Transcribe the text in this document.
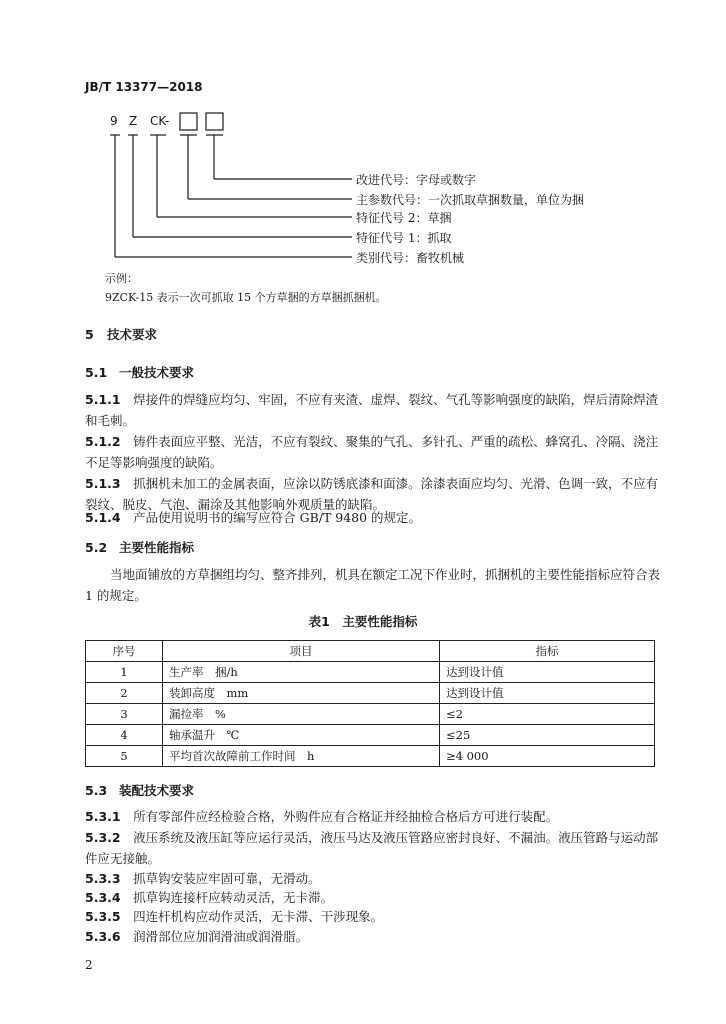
JB/T 13377—2018
9 Z CK-
改进代号：字母或数字
主参数代号：一次抓取草捆数量，单位为捆
特征代号 2：草捆
特征代号 1：抓取
类别代号：畜牧机械
示例：
9ZCK-15 表示一次可抓取 15 个方草捆的方草捆抓捆机。
5 技术要求
5.1 一般技术要求
5.1.1　 焊接件的焊缝应均匀、牢固，不应有夹渣、虚焊、裂纹、气孔等影响强度的缺陷，焊后清除焊渣和毛刺。
5.1.2　 铸件表面应平整、光洁，不应有裂纹、聚集的气孔、多针孔、严重的疏松、蜂窝孔、冷隔、浇注不足等影响强度的缺陷。
5.1.3　 抓捆机未加工的金属表面，应涂以防锈底漆和面漆。涂漆表面应均匀、光滑、色调一致，不应有裂纹、脱皮、气泡、漏涂及其他影响外观质量的缺陷。
5.1.4　 产品使用说明书的编写应符合 GB/T 9480 的规定。
5.2 主要性能指标
当地面铺放的方草捆组均匀、整齐排列，机具在额定工况下作业时，抓捆机的主要性能指标应符合表 1 的规定。
表1　主要性能指标
序号	项目	指标
1	生产率　捆/h	达到设计值
2	装卸高度　mm	达到设计值
3	漏捡率　%	≤2
4	轴承温升　℃	≤25
5	平均首次故障前工作时间　h	≥4 000
5.3 装配技术要求
5.3.1　 所有零部件应经检验合格，外购件应有合格证并经抽检合格后方可进行装配。
5.3.2　 液压系统及液压缸等应运行灵活，液压马达及液压管路应密封良好、不漏油。液压管路与运动部件应无接触。
5.3.3　 抓草钩安装应牢固可靠，无滑动。
5.3.4　 抓草钩连接杆应转动灵活，无卡滞。
5.3.5　 四连杆机构应动作灵活，无卡滞、干涉现象。
5.3.6　 润滑部位应加润滑油或润滑脂。
2
